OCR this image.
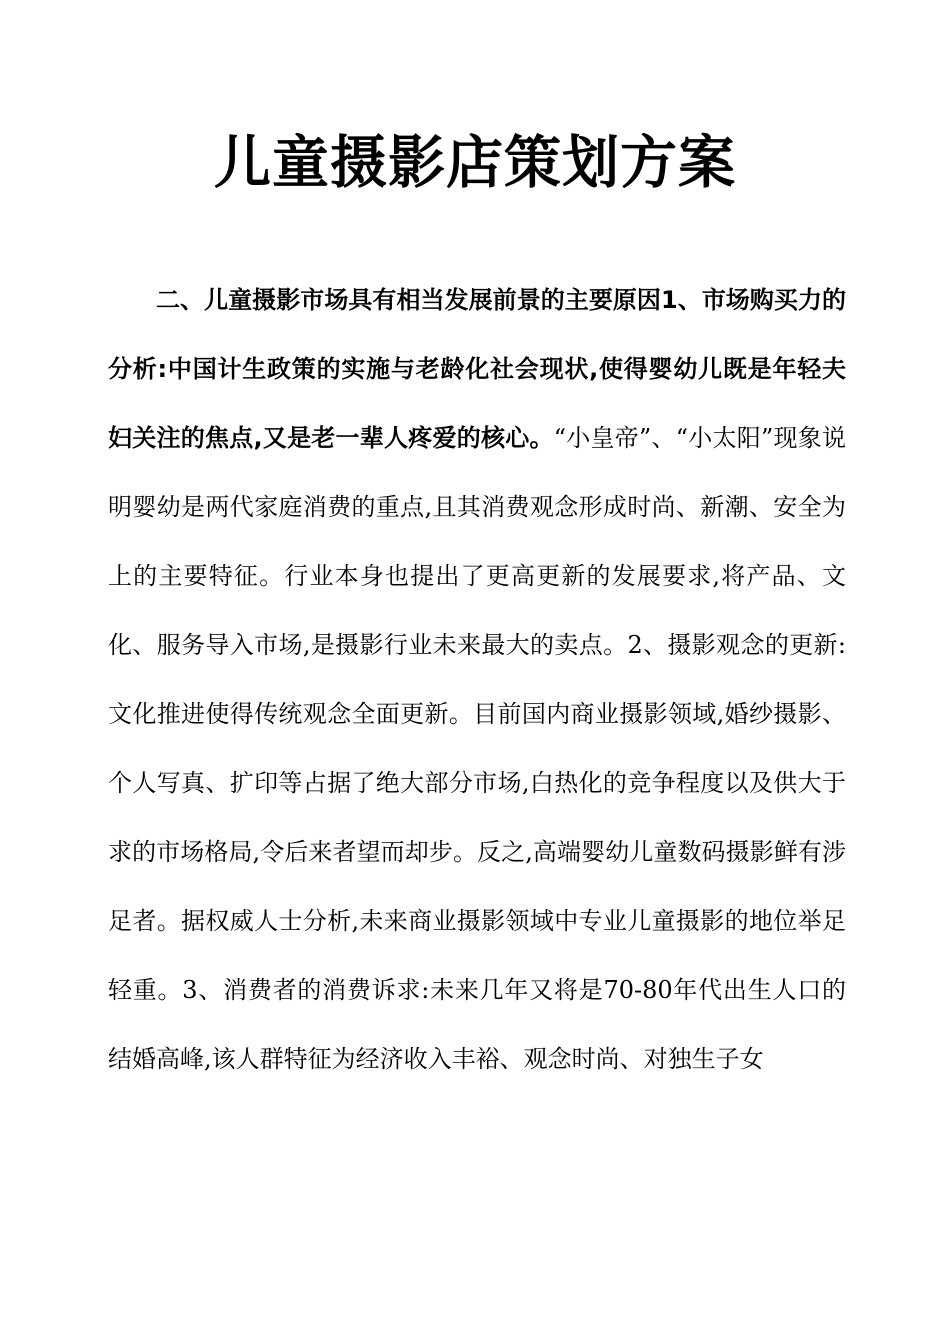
儿童摄影店策划方案

二、儿童摄影市场具有相当发展前景的主要原因1、市场购买力的分析:中国计生政策的实施与老龄化社会现状,使得婴幼儿既是年轻夫妇关注的焦点,又是老一辈人疼爱的核心。“小皇帝”、“小太阳”现象说明婴幼是两代家庭消费的重点,且其消费观念形成时尚、新潮、安全为上的主要特征。行业本身也提出了更高更新的发展要求,将产品、文化、服务导入市场,是摄影行业未来最大的卖点。2、摄影观念的更新:文化推进使得传统观念全面更新。目前国内商业摄影领域,婚纱摄影、个人写真、扩印等占据了绝大部分市场,白热化的竞争程度以及供大于求的市场格局,令后来者望而却步。反之,高端婴幼儿童数码摄影鲜有涉足者。据权威人士分析,未来商业摄影领域中专业儿童摄影的地位举足轻重。3、消费者的消费诉求:未来几年又将是70-80年代出生人口的结婚高峰,该人群特征为经济收入丰裕、观念时尚、对独生子女
